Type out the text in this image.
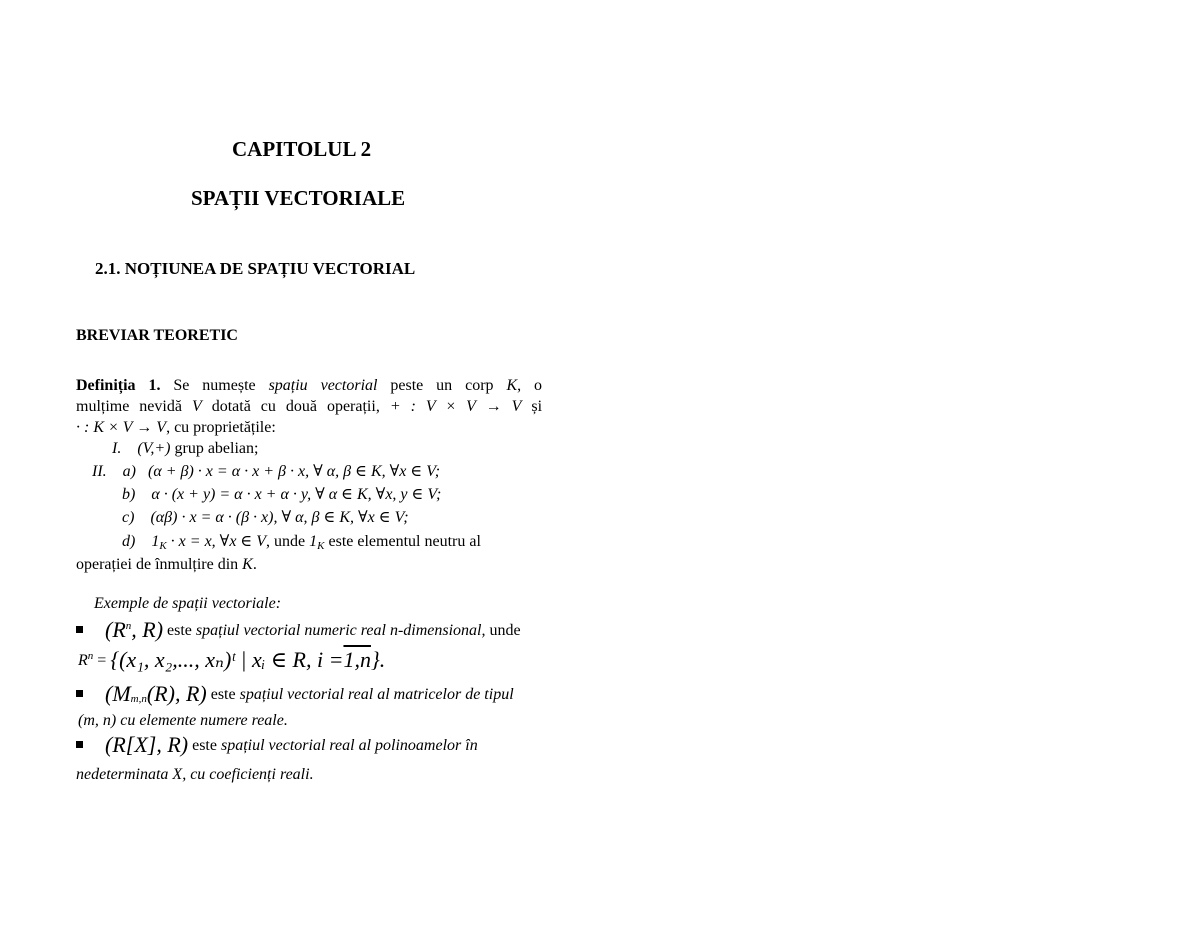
CAPITOLUL 2
SPAȚII VECTORIALE
2.1. NOȚIUNEA DE SPAȚIU VECTORIAL
BREVIAR TEORETIC
Definiția 1. Se numește spațiu vectorial peste un corp K, o
mulțime nevidă V dotată cu două operații, + : V × V → V și
· : K × V → V, cu proprietățile:
I. (V,+) grup abelian;
II. a) (α + β) · x = α · x + β · x, ∀ α, β ∈ K, ∀x ∈ V;
b) α · (x + y) = α · x + α · y, ∀ α ∈ K, ∀x, y ∈ V;
c) (αβ) · x = α · (β · x), ∀ α, β ∈ K, ∀x ∈ V;
d) $1_K \cdot x = x$, ∀x ∈ V, unde $1_K$ este elementul neutru al
operației de înmulțire din K.
Exemple de spații vectoriale:
($R^n$, R) este spațiul vectorial numeric real n-dimensional, unde
$R^n = \{(x_1$, x₂,..., xₙ)ᵗ | xᵢ ∈ R, i =1,n}.
($M_{m,n}(R)$, R) este spațiul vectorial real al matricelor de tipul
(m, n) cu elemente numere reale.
(R[X], R) este spațiul vectorial real al polinoamelor în
nedeterminata X, cu coeficienți reali.
